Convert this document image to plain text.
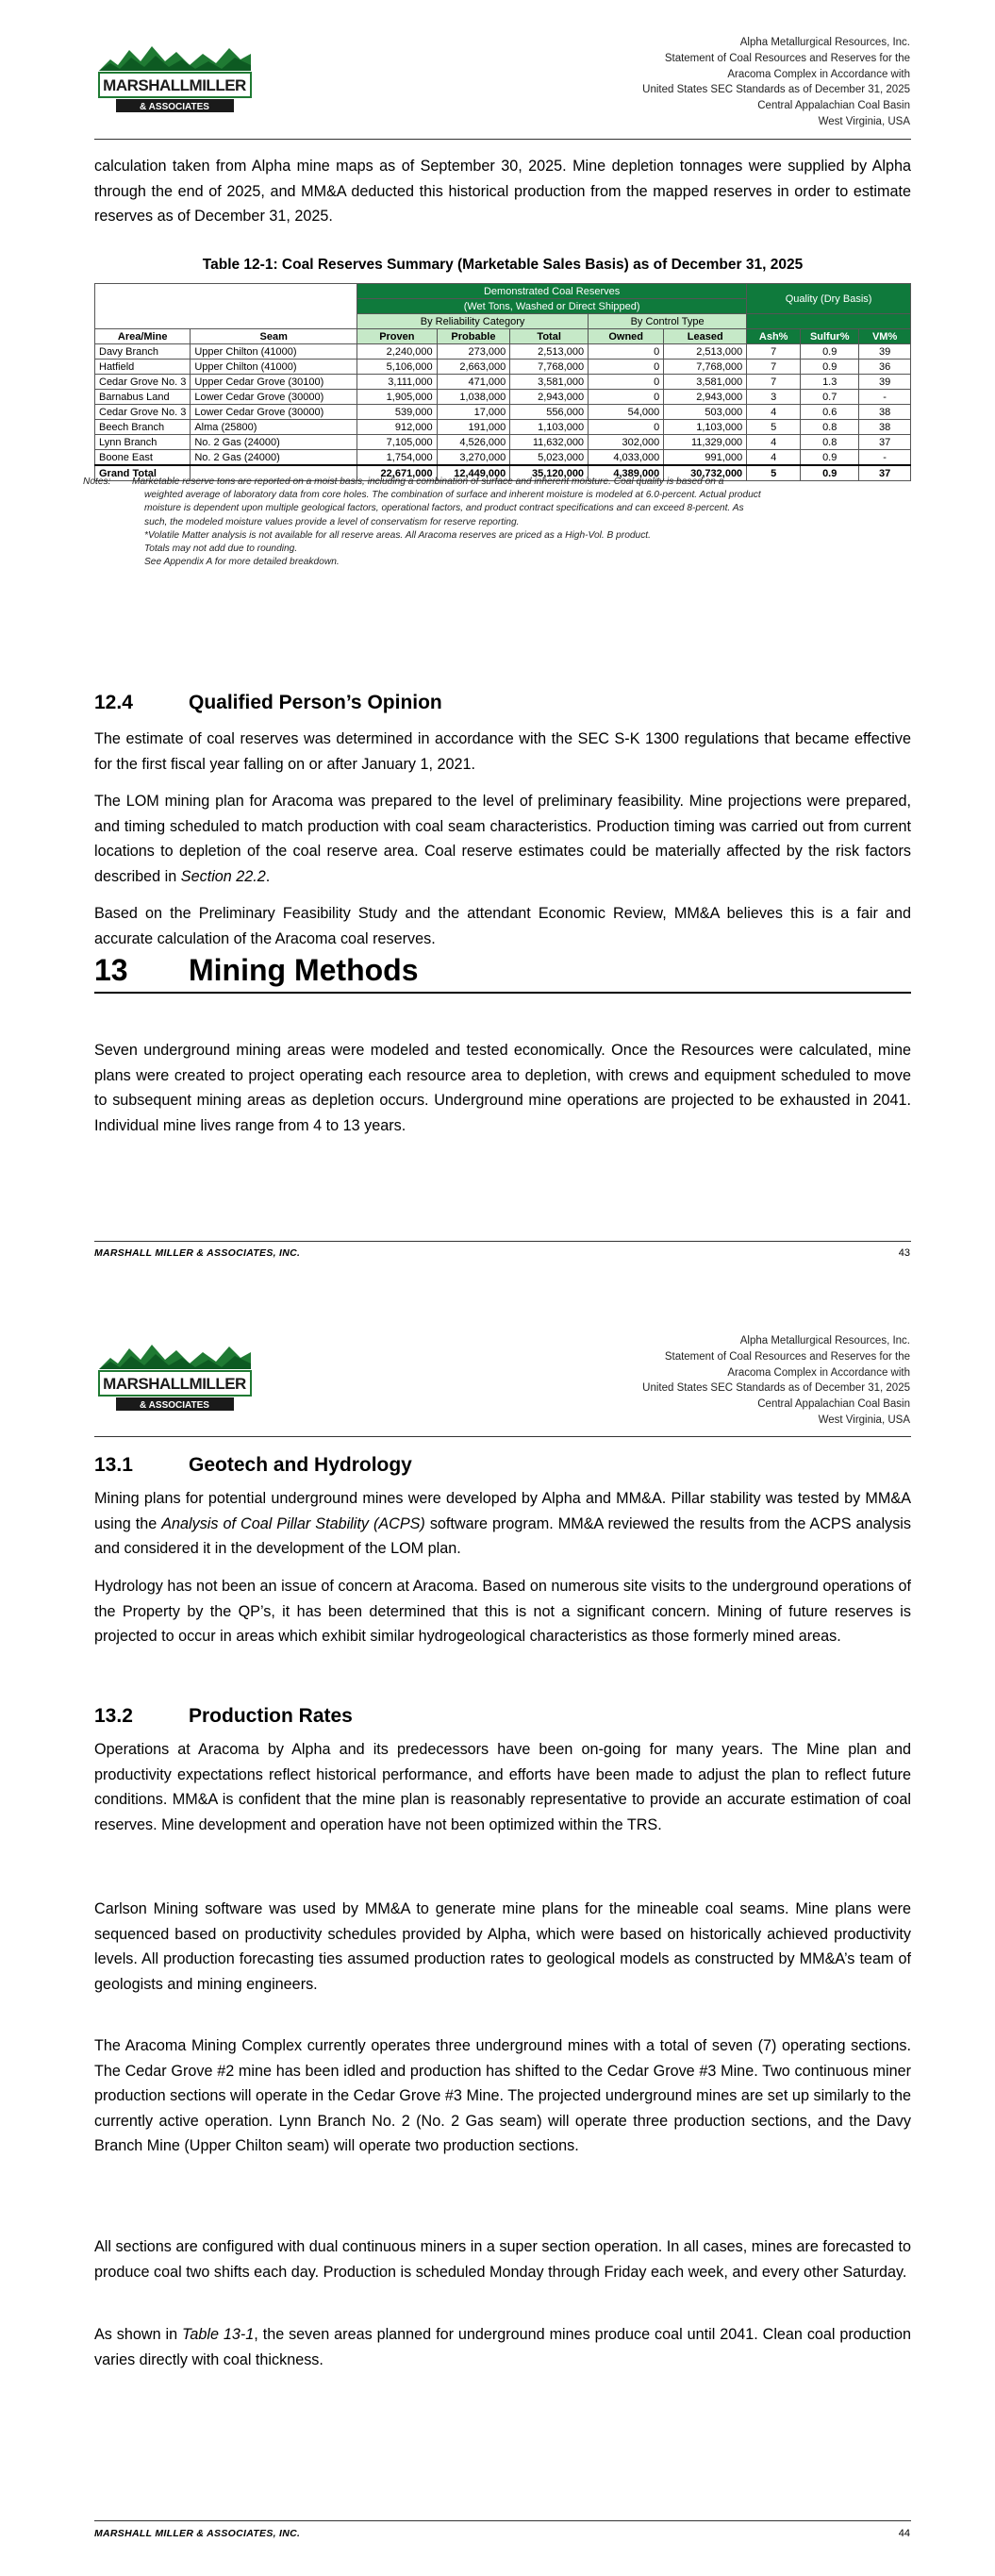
MARSHALLMILLER
& ASSOCIATES
Alpha Metallurgical Resources, Inc.
Statement of Coal Resources and Reserves for the
Aracoma Complex in Accordance with
United States SEC Standards as of December 31, 2025
Central Appalachian Coal Basin
West Virginia, USA

calculation taken from Alpha mine maps as of September 30, 2025. Mine depletion tonnages were supplied by Alpha through the end of 2025, and MM&A deducted this historical production from the mapped reserves in order to estimate reserves as of December 31, 2025.

Table 12-1: Coal Reserves Summary (Marketable Sales Basis) as of December 31, 2025

		Demonstrated Coal Reserves					Quality (Dry Basis)		
		(Wet Tons, Washed or Direct Shipped)							
		By Reliability Category			By Control Type				
Area/Mine	Seam	Proven	Probable	Total	Owned	Leased	Ash%	Sulfur%	VM%
Davy Branch	Upper Chilton (41000)	2,240,000	273,000	2,513,000	0	2,513,000	7	0.9	39
Hatfield	Upper Chilton (41000)	5,106,000	2,663,000	7,768,000	0	7,768,000	7	0.9	36
Cedar Grove No. 3	Upper Cedar Grove (30100)	3,111,000	471,000	3,581,000	0	3,581,000	7	1.3	39
Barnabus Land	Lower Cedar Grove (30000)	1,905,000	1,038,000	2,943,000	0	2,943,000	3	0.7	-
Cedar Grove No. 3	Lower Cedar Grove (30000)	539,000	17,000	556,000	54,000	503,000	4	0.6	38
Beech Branch	Alma (25800)	912,000	191,000	1,103,000	0	1,103,000	5	0.8	38
Lynn Branch	No. 2 Gas (24000)	7,105,000	4,526,000	11,632,000	302,000	11,329,000	4	0.8	37
Boone East	No. 2 Gas (24000)	1,754,000	3,270,000	5,023,000	4,033,000	991,000	4	0.9	-
Grand Total		22,671,000	12,449,000	35,120,000	4,389,000	30,732,000	5	0.9	37
Notes: Marketable reserve tons are reported on a moist basis, including a combination of surface and inherent moisture. Coal quality is based on a
weighted average of laboratory data from core holes. The combination of surface and inherent moisture is modeled at 6.0-percent. Actual product
moisture is dependent upon multiple geological factors, operational factors, and product contract specifications and can exceed 8-percent. As
such, the modeled moisture values provide a level of conservatism for reserve reporting.
*Volatile Matter analysis is not available for all reserve areas. All Aracoma reserves are priced as a High-Vol. B product.
Totals may not add due to rounding.
See Appendix A for more detailed breakdown.
12.4	Qualified Person’s Opinion

The estimate of coal reserves was determined in accordance with the SEC S-K 1300 regulations that became effective for the first fiscal year falling on or after January 1, 2021.

The LOM mining plan for Aracoma was prepared to the level of preliminary feasibility. Mine projections were prepared, and timing scheduled to match production with coal seam characteristics. Production timing was carried out from current locations to depletion of the coal reserve area. Coal reserve estimates could be materially affected by the risk factors described in Section 22.2.

Based on the Preliminary Feasibility Study and the attendant Economic Review, MM&A believes this is a fair and accurate calculation of the Aracoma coal reserves.

13 Mining Methods

Seven underground mining areas were modeled and tested economically. Once the Resources were calculated, mine plans were created to project operating each resource area to depletion, with crews and equipment scheduled to move to subsequent mining areas as depletion occurs. Underground mine operations are projected to be exhausted in 2041. Individual mine lives range from 4 to 13 years.

MARSHALL MILLER & ASSOCIATES, INC.	43
MARSHALLMILLER
& ASSOCIATES
Alpha Metallurgical Resources, Inc.
Statement of Coal Resources and Reserves for the
Aracoma Complex in Accordance with
United States SEC Standards as of December 31, 2025
Central Appalachian Coal Basin
West Virginia, USA
13.1	Geotech and Hydrology

Mining plans for potential underground mines were developed by Alpha and MM&A. Pillar stability was tested by MM&A using the Analysis of Coal Pillar Stability (ACPS) software program. MM&A reviewed the results from the ACPS analysis and considered it in the development of the LOM plan.

Hydrology has not been an issue of concern at Aracoma. Based on numerous site visits to the underground operations of the Property by the QP’s, it has been determined that this is not a significant concern. Mining of future reserves is projected to occur in areas which exhibit similar hydrogeological characteristics as those formerly mined areas.

13.2	Production Rates

Operations at Aracoma by Alpha and its predecessors have been on-going for many years. The Mine plan and productivity expectations reflect historical performance, and efforts have been made to adjust the plan to reflect future conditions. MM&A is confident that the mine plan is reasonably representative to provide an accurate estimation of coal reserves. Mine development and operation have not been optimized within the TRS.

Carlson Mining software was used by MM&A to generate mine plans for the mineable coal seams. Mine plans were sequenced based on productivity schedules provided by Alpha, which were based on historically achieved productivity levels. All production forecasting ties assumed production rates to geological models as constructed by MM&A’s team of geologists and mining engineers.

The Aracoma Mining Complex currently operates three underground mines with a total of seven (7) operating sections. The Cedar Grove #2 mine has been idled and production has shifted to the Cedar Grove #3 Mine. Two continuous miner production sections will operate in the Cedar Grove #3 Mine. The projected underground mines are set up similarly to the currently active operation. Lynn Branch No. 2 (No. 2 Gas seam) will operate three production sections, and the Davy Branch Mine (Upper Chilton seam) will operate two production sections.

All sections are configured with dual continuous miners in a super section operation. In all cases, mines are forecasted to produce coal two shifts each day. Production is scheduled Monday through Friday each week, and every other Saturday.

As shown in Table 13-1, the seven areas planned for underground mines produce coal until 2041. Clean coal production varies directly with coal thickness.

MARSHALL MILLER & ASSOCIATES, INC.	44
